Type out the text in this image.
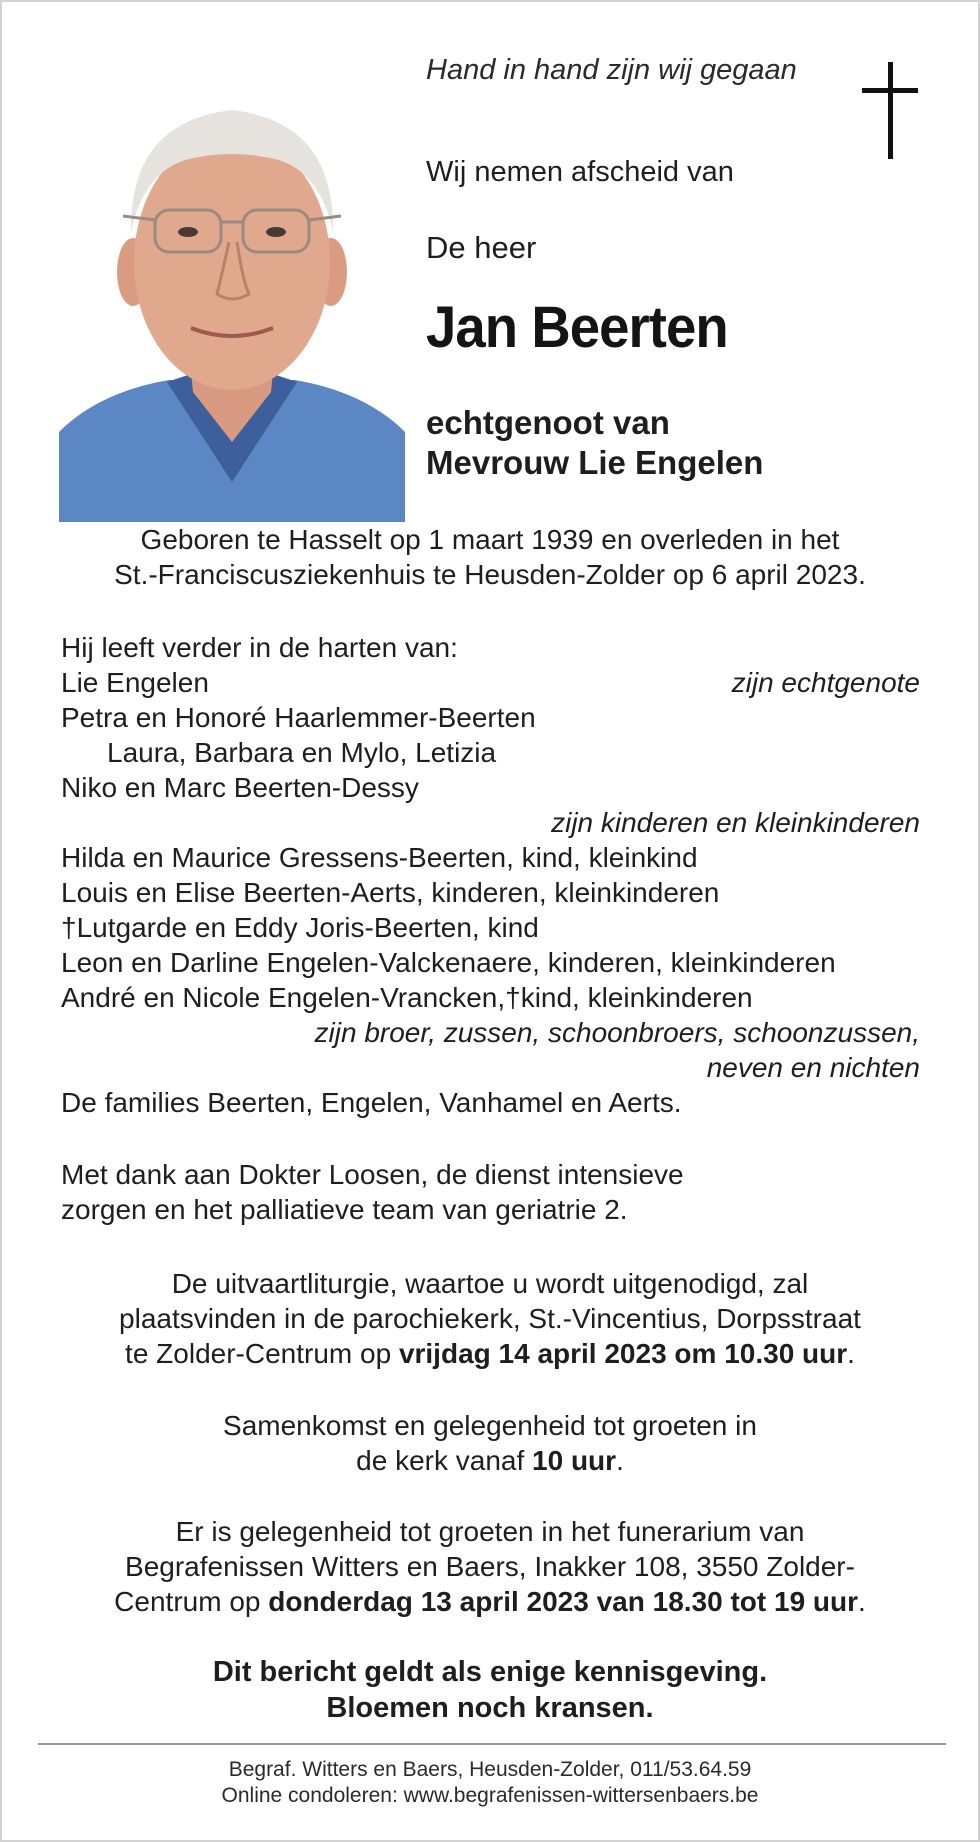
Hand in hand zijn wij gegaan
Wij nemen afscheid van
De heer
Jan Beerten
echtgenoot van
Mevrouw Lie Engelen
Geboren te Hasselt op 1 maart 1939 en overleden in het
St.-Franciscusziekenhuis te Heusden-Zolder op 6 april 2023.
Hij leeft verder in de harten van:
Lie Engelen	zijn echtgenote
Petra en Honoré Haarlemmer-Beerten
Laura, Barbara en Mylo, Letizia
Niko en Marc Beerten-Dessy
zijn kinderen en kleinkinderen
Hilda en Maurice Gressens-Beerten, kind, kleinkind
Louis en Elise Beerten-Aerts, kinderen, kleinkinderen
†Lutgarde en Eddy Joris-Beerten, kind
Leon en Darline Engelen-Valckenaere, kinderen, kleinkinderen
André en Nicole Engelen-Vrancken,†kind, kleinkinderen
zijn broer, zussen, schoonbroers, schoonzussen,
neven en nichten
De families Beerten, Engelen, Vanhamel en Aerts.
Met dank aan Dokter Loosen, de dienst intensieve
zorgen en het palliatieve team van geriatrie 2.
De uitvaartliturgie, waartoe u wordt uitgenodigd, zal
plaatsvinden in de parochiekerk, St.-Vincentius, Dorpsstraat
te Zolder-Centrum op vrijdag 14 april 2023 om 10.30 uur.
Samenkomst en gelegenheid tot groeten in
de kerk vanaf 10 uur.
Er is gelegenheid tot groeten in het funerarium van
Begrafenissen Witters en Baers, Inakker 108, 3550 Zolder-
Centrum op donderdag 13 april 2023 van 18.30 tot 19 uur.
Dit bericht geldt als enige kennisgeving.
Bloemen noch kransen.
Begraf. Witters en Baers, Heusden-Zolder, 011/53.64.59
Online condoleren: www.begrafenissen-wittersenbaers.be
